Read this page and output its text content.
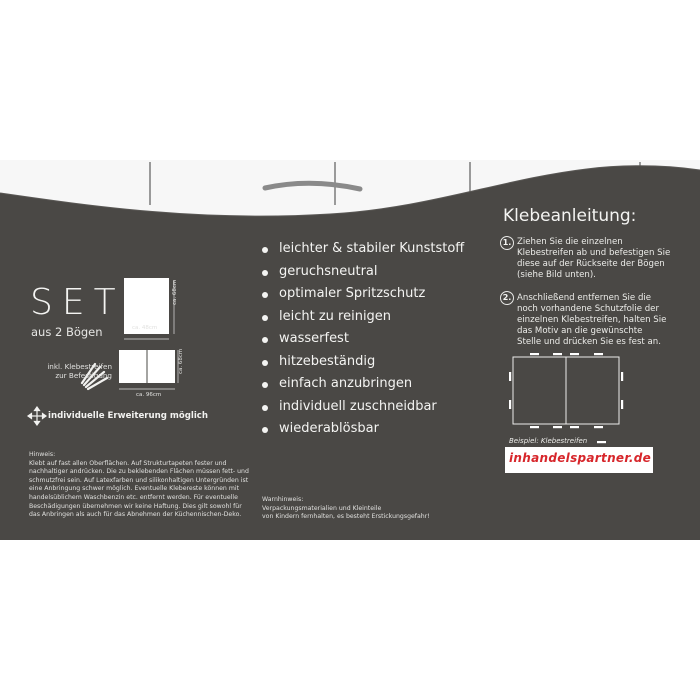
SET
aus 2 Bögen	ca. 48cm
ca. 68cm
ca. 96cm
ca. 68cm
inkl. Klebestreifen
zur Befestigung
individuelle Erweiterung möglich
Hinweis:
Klebt auf fast allen Oberflächen. Auf Strukturtapeten fester und nachhaltiger andrücken. Die zu beklebenden Flächen müssen fett- und schmutzfrei sein. Auf Latexfarben und silikonhaltigen Untergründen ist eine Anbringung schwer möglich. Eventuelle Klebereste können mit handelsüblichem Waschbenzin etc. entfernt werden. Für eventuelle Beschädigungen übernehmen wir keine Haftung. Dies gilt sowohl für das Anbringen als auch für das Abnehmen der Küchennischen-Deko.
leichter & stabiler Kunststoff
geruchsneutral
optimaler Spritzschutz
leicht zu reinigen
wasserfest
hitzebeständig
einfach anzubringen
individuell zuschneidbar
wiederablösbar
Warnhinweis:
Verpackungsmaterialien und Kleinteile
von Kindern fernhalten, es besteht Erstickungsgefahr!
Klebeanleitung:
1. Ziehen Sie die einzelnen Klebestreifen ab und befestigen Sie diese auf der Rückseite der Bögen (siehe Bild unten).
2. Anschließend entfernen Sie die noch vorhandene Schutzfolie der einzelnen Klebestreifen, halten Sie das Motiv an die gewünschte Stelle und drücken Sie es fest an.
Beispiel: Klebestreifen
inhandelspartner.de
